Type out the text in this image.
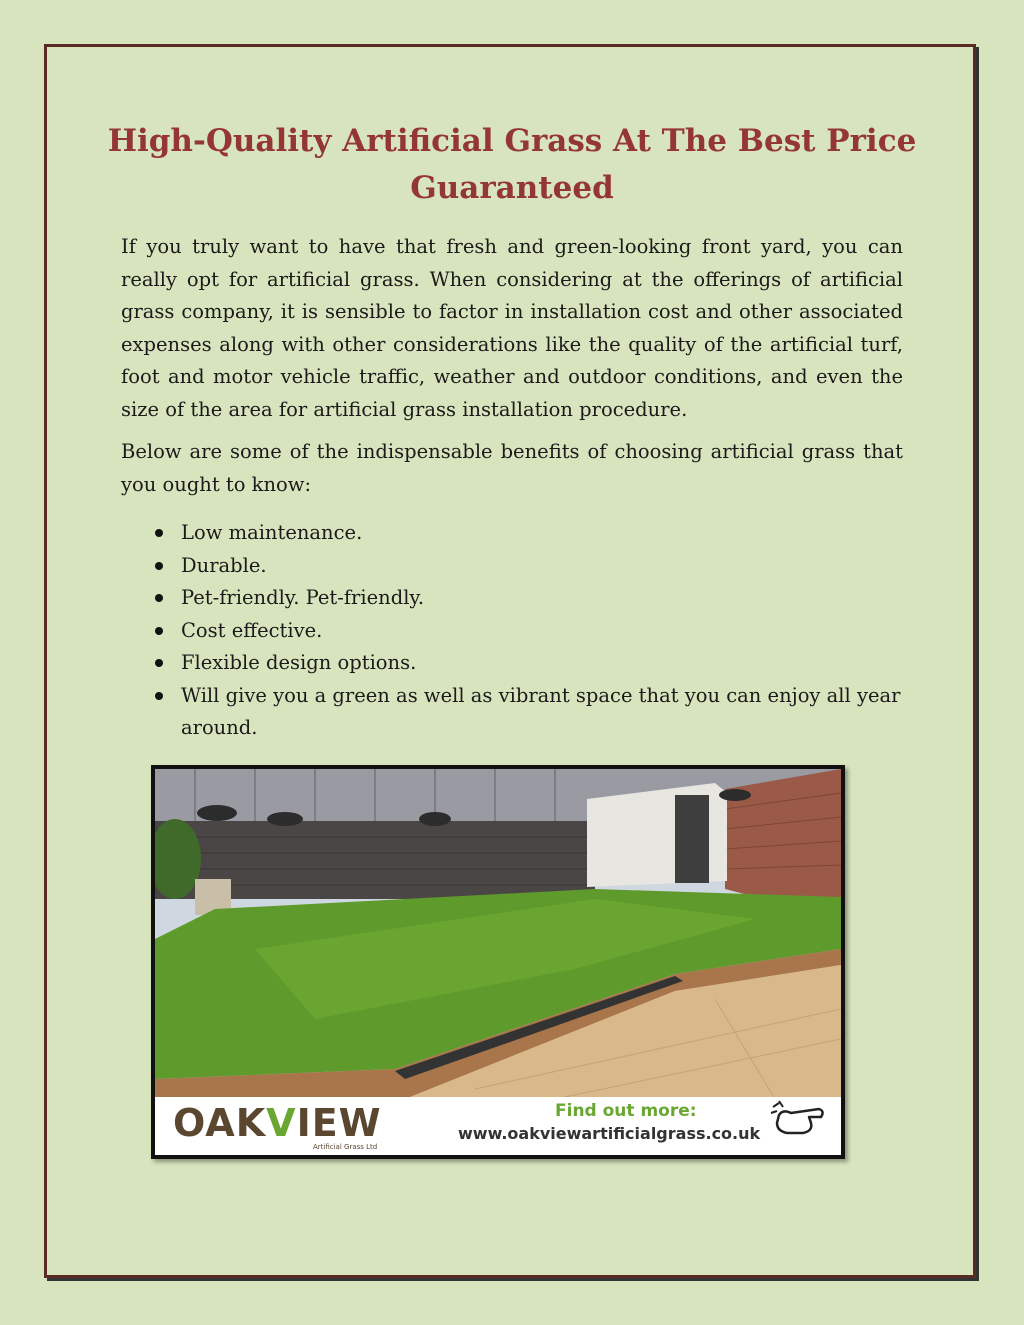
High-Quality Artificial Grass At The Best Price Guaranteed

If you truly want to have that fresh and green-looking front yard, you can really opt for artificial grass. When considering at the offerings of artificial grass company, it is sensible to factor in installation cost and other associated expenses along with other considerations like the quality of the artificial turf, foot and motor vehicle traffic, weather and outdoor conditions, and even the size of the area for artificial grass installation procedure.

Below are some of the indispensable benefits of choosing artificial grass that you ought to know:

Low maintenance.
Durable.
Pet-friendly. Pet-friendly.
Cost effective.
Flexible design options.
Will give you a green as well as vibrant space that you can enjoy all year around.
OAKVIEW
Artificial Grass Ltd
Find out more:
www.oakviewartificialgrass.co.uk
